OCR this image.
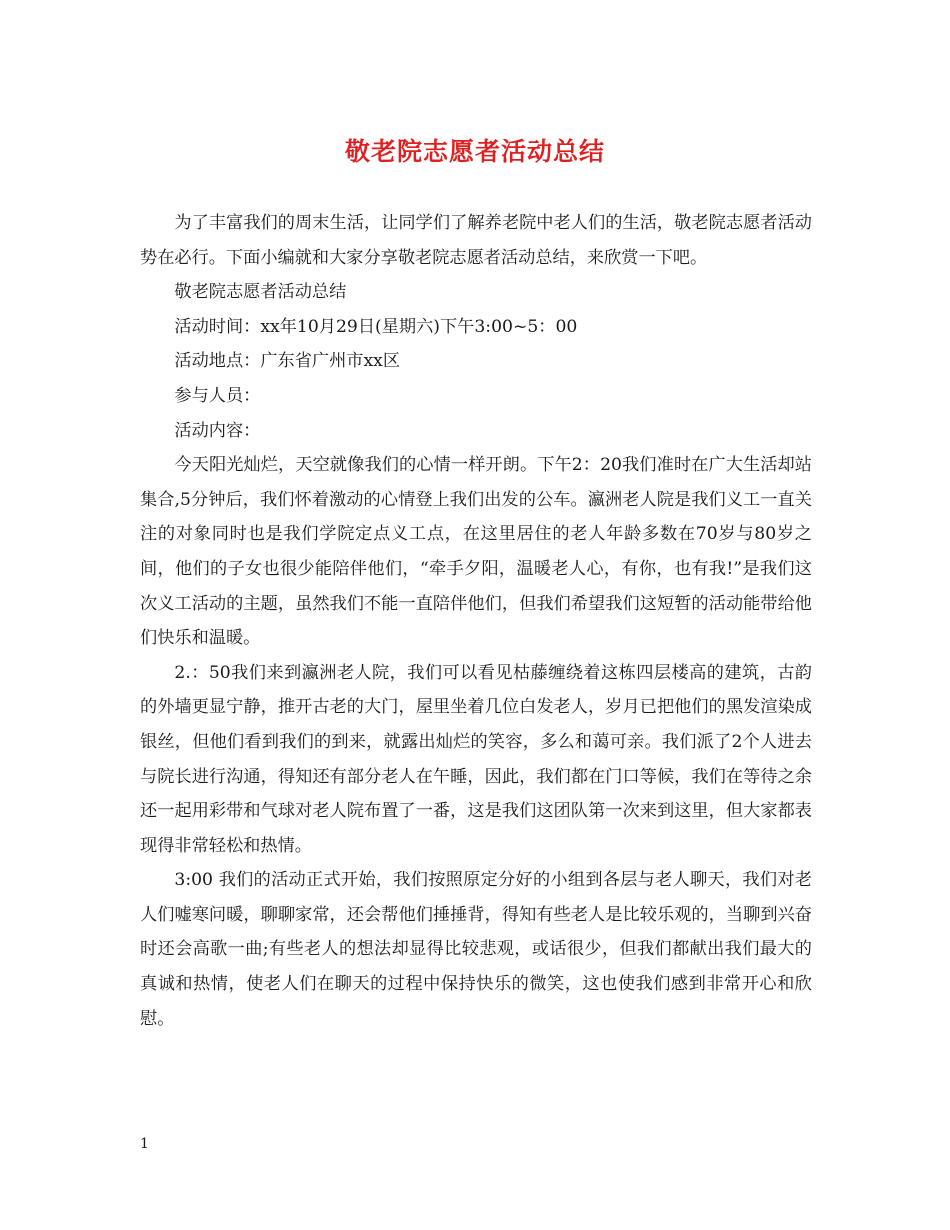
敬老院志愿者活动总结

为了丰富我们的周末生活，让同学们了解养老院中老人们的生活，敬老院志愿者活动势在必行。下面小编就和大家分享敬老院志愿者活动总结，来欣赏一下吧。

敬老院志愿者活动总结

活动时间：xx年10月29日(星期六)下午3:00~5：00

活动地点：广东省广州市xx区

参与人员：

活动内容：

今天阳光灿烂，天空就像我们的心情一样开朗。下午2：20我们准时在广大生活却站集合,5分钟后，我们怀着激动的心情登上我们出发的公车。瀛洲老人院是我们义工一直关注的对象同时也是我们学院定点义工点，在这里居住的老人年龄多数在70岁与80岁之间，他们的子女也很少能陪伴他们，“牵手夕阳，温暖老人心，有你，也有我!”是我们这次义工活动的主题，虽然我们不能一直陪伴他们，但我们希望我们这短暂的活动能带给他们快乐和温暖。

2.：50我们来到瀛洲老人院，我们可以看见枯藤缠绕着这栋四层楼高的建筑，古韵的外墙更显宁静，推开古老的大门，屋里坐着几位白发老人，岁月已把他们的黑发渲染成银丝，但他们看到我们的到来，就露出灿烂的笑容，多么和蔼可亲。我们派了2个人进去与院长进行沟通，得知还有部分老人在午睡，因此，我们都在门口等候，我们在等待之余还一起用彩带和气球对老人院布置了一番，这是我们这团队第一次来到这里，但大家都表现得非常轻松和热情。

3:00 我们的活动正式开始，我们按照原定分好的小组到各层与老人聊天，我们对老人们嘘寒问暖，聊聊家常，还会帮他们捶捶背，得知有些老人是比较乐观的，当聊到兴奋时还会高歌一曲;有些老人的想法却显得比较悲观，或话很少，但我们都献出我们最大的真诚和热情，使老人们在聊天的过程中保持快乐的微笑，这也使我们感到非常开心和欣慰。

1
